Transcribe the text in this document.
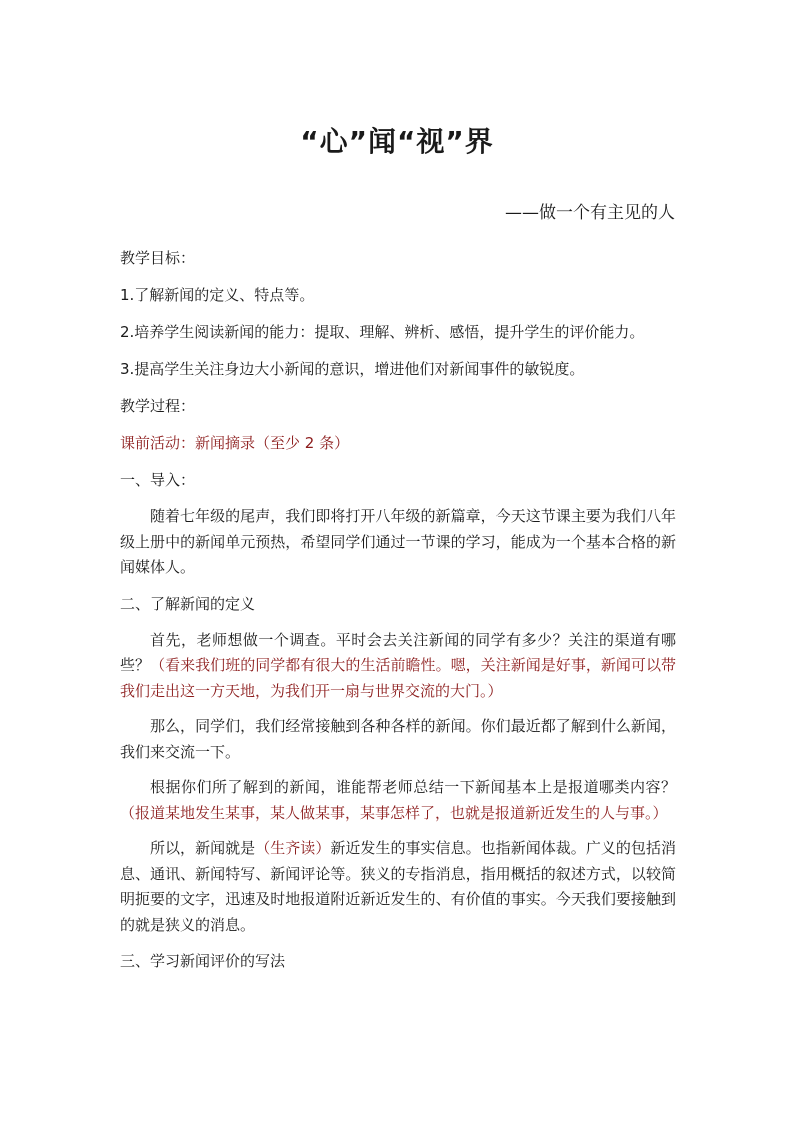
“心”闻“视”界
——做一个有主见的人
教学目标：
1.了解新闻的定义、特点等。
2.培养学生阅读新闻的能力：提取、理解、辨析、感悟，提升学生的评价能力。
3.提高学生关注身边大小新闻的意识，增进他们对新闻事件的敏锐度。
教学过程：
课前活动：新闻摘录（至少 2 条）
一、导入：
随着七年级的尾声，我们即将打开八年级的新篇章，今天这节课主要为我们八年级上册中的新闻单元预热，希望同学们通过一节课的学习，能成为一个基本合格的新闻媒体人。
二、了解新闻的定义
首先，老师想做一个调查。平时会去关注新闻的同学有多少？关注的渠道有哪些？（看来我们班的同学都有很大的生活前瞻性。嗯，关注新闻是好事，新闻可以带我们走出这一方天地，为我们开一扇与世界交流的大门。）
那么，同学们，我们经常接触到各种各样的新闻。你们最近都了解到什么新闻，我们来交流一下。
根据你们所了解到的新闻，谁能帮老师总结一下新闻基本上是报道哪类内容？（报道某地发生某事，某人做某事，某事怎样了，也就是报道新近发生的人与事。）
所以，新闻就是（生齐读）新近发生的事实信息。也指新闻体裁。广义的包括消息、通讯、新闻特写、新闻评论等。狭义的专指消息，指用概括的叙述方式，以较简明扼要的文字，迅速及时地报道附近新近发生的、有价值的事实。今天我们要接触到的就是狭义的消息。
三、学习新闻评价的写法
